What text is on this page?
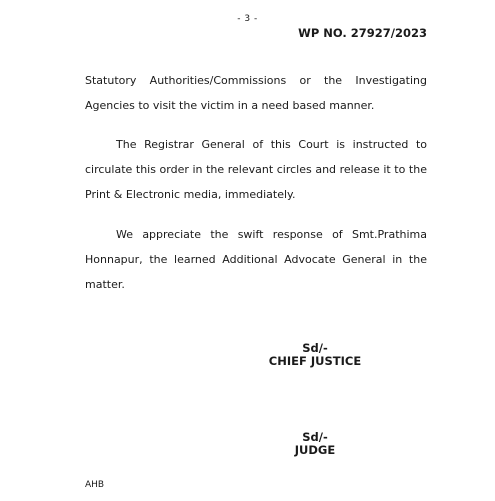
- 3 -
WP NO. 27927/2023
Statutory Authorities/Commissions or the Investigating Agencies to visit the victim in a need based manner.
The Registrar General of this Court is instructed to circulate this order in the relevant circles and release it to the Print & Electronic media, immediately.
We appreciate the swift response of Smt.Prathima Honnapur, the learned Additional Advocate General in the matter.
Sd/-
CHIEF JUSTICE
Sd/-
JUDGE
AHB
